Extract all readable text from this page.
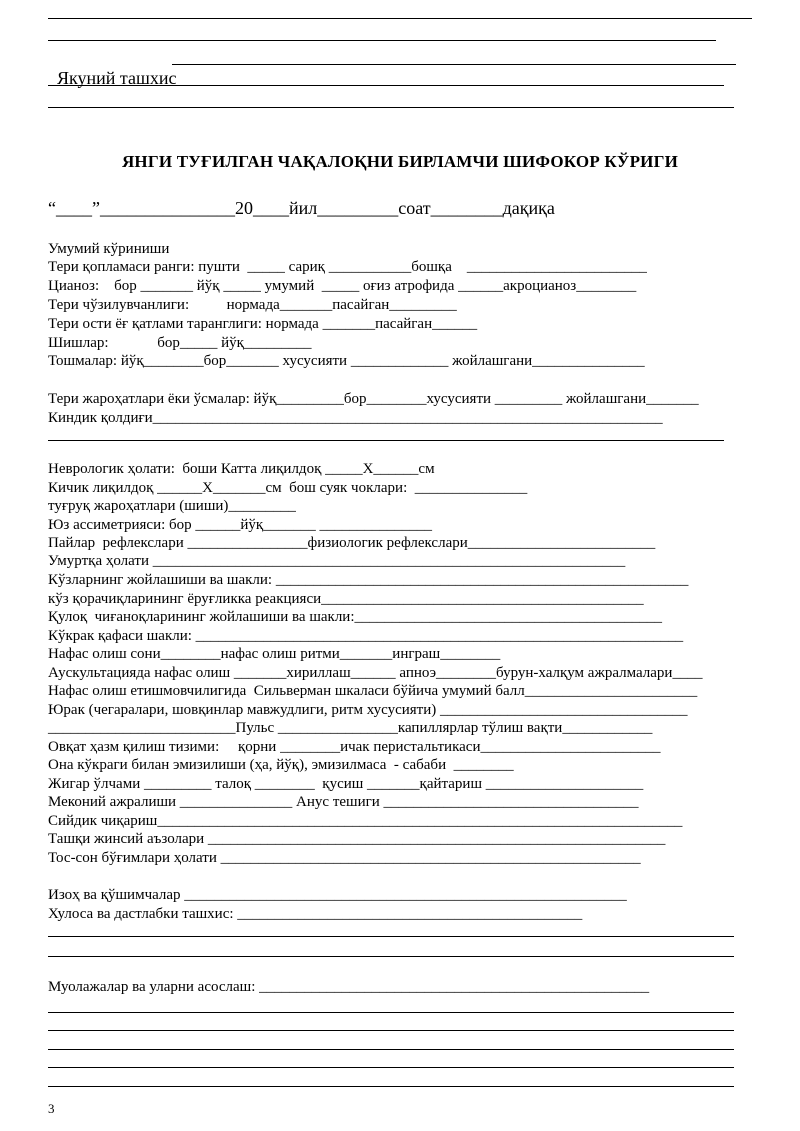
Якуний ташхис

ЯНГИ ТУҒИЛГАН ЧАҚАЛОҚНИ БИРЛАМЧИ ШИФОКОР КЎРИГИ
“____”_______________20____йил_________соат________дақиқа
Умумий кўриниши
Тери қопламаси ранги: пушти  _____ сариқ ___________бошқа    ________________________
Цианоз:    бор _______ йўқ _____ умумий  _____ оғиз атрофида ______акроцианоз________
Тери чўзилувчанлиги:          нормада_______пасайган_________
Тери ости ёғ қатлами таранглиги: нормада _______пасайган______
Шишлар:             бор_____ йўқ_________
Тошмалар: йўқ________бор_______ хусусияти _____________ жойлашгани_______________
Тери жароҳатлари ёки ўсмалар: йўқ_________бор________хусусияти _________ жойлашгани_______
Киндик қолдиғи____________________________________________________________________
Неврологик ҳолати:  боши Катта лиқилдоқ _____Х______см
Кичик лиқилдоқ ______Х_______см  бош суяк чоклари:  _______________
туғруқ жароҳатлари (шиши)_________
Юз ассиметрияси: бор ______йўқ_______ _______________
Пайлар  рефлекслари ________________физиологик рефлекслари_________________________
Умуртқа ҳолати _______________________________________________________________
Кўзларнинг жойлашиши ва шакли: _______________________________________________________
кўз қорачиқларининг ёруғликка реакцияси___________________________________________
Қулоқ  чиғаноқларининг жойлашиши ва шакли:_________________________________________
Кўкрак қафаси шакли: _________________________________________________________________
Нафас олиш сони________нафас олиш ритми_______инграш________
Аускультацияда нафас олиш _______хириллаш______ апноэ________бурун-халқум ажралмалари____
Нафас олиш етишмовчилигида  Сильверман шкаласи бўйича умумий балл_______________________
Юрак (чегаралари, шовқинлар мавжудлиги, ритм хусусияти) _________________________________
_________________________Пульс ________________капиллярлар тўлиш вақти____________
Овқат ҳазм қилиш тизими:     қорни ________ичак перистальтикаси________________________
Она кўкраги билан эмизилиши (ҳа, йўқ), эмизилмаса  - сабаби  ________
Жигар ўлчами _________ талоқ ________  қусиш _______қайтариш _____________________
Меконий ажралиши _______________ Анус тешиги __________________________________
Сийдик чиқариш______________________________________________________________________
Ташқи жинсий аъзолари _____________________________________________________________
Тос-сон бўғимлари ҳолати ________________________________________________________
Изоҳ ва қўшимчалар ___________________________________________________________
Хулоса ва дастлабки ташхис: ______________________________________________
Муолажалар ва уларни асослаш: ____________________________________________________
3
